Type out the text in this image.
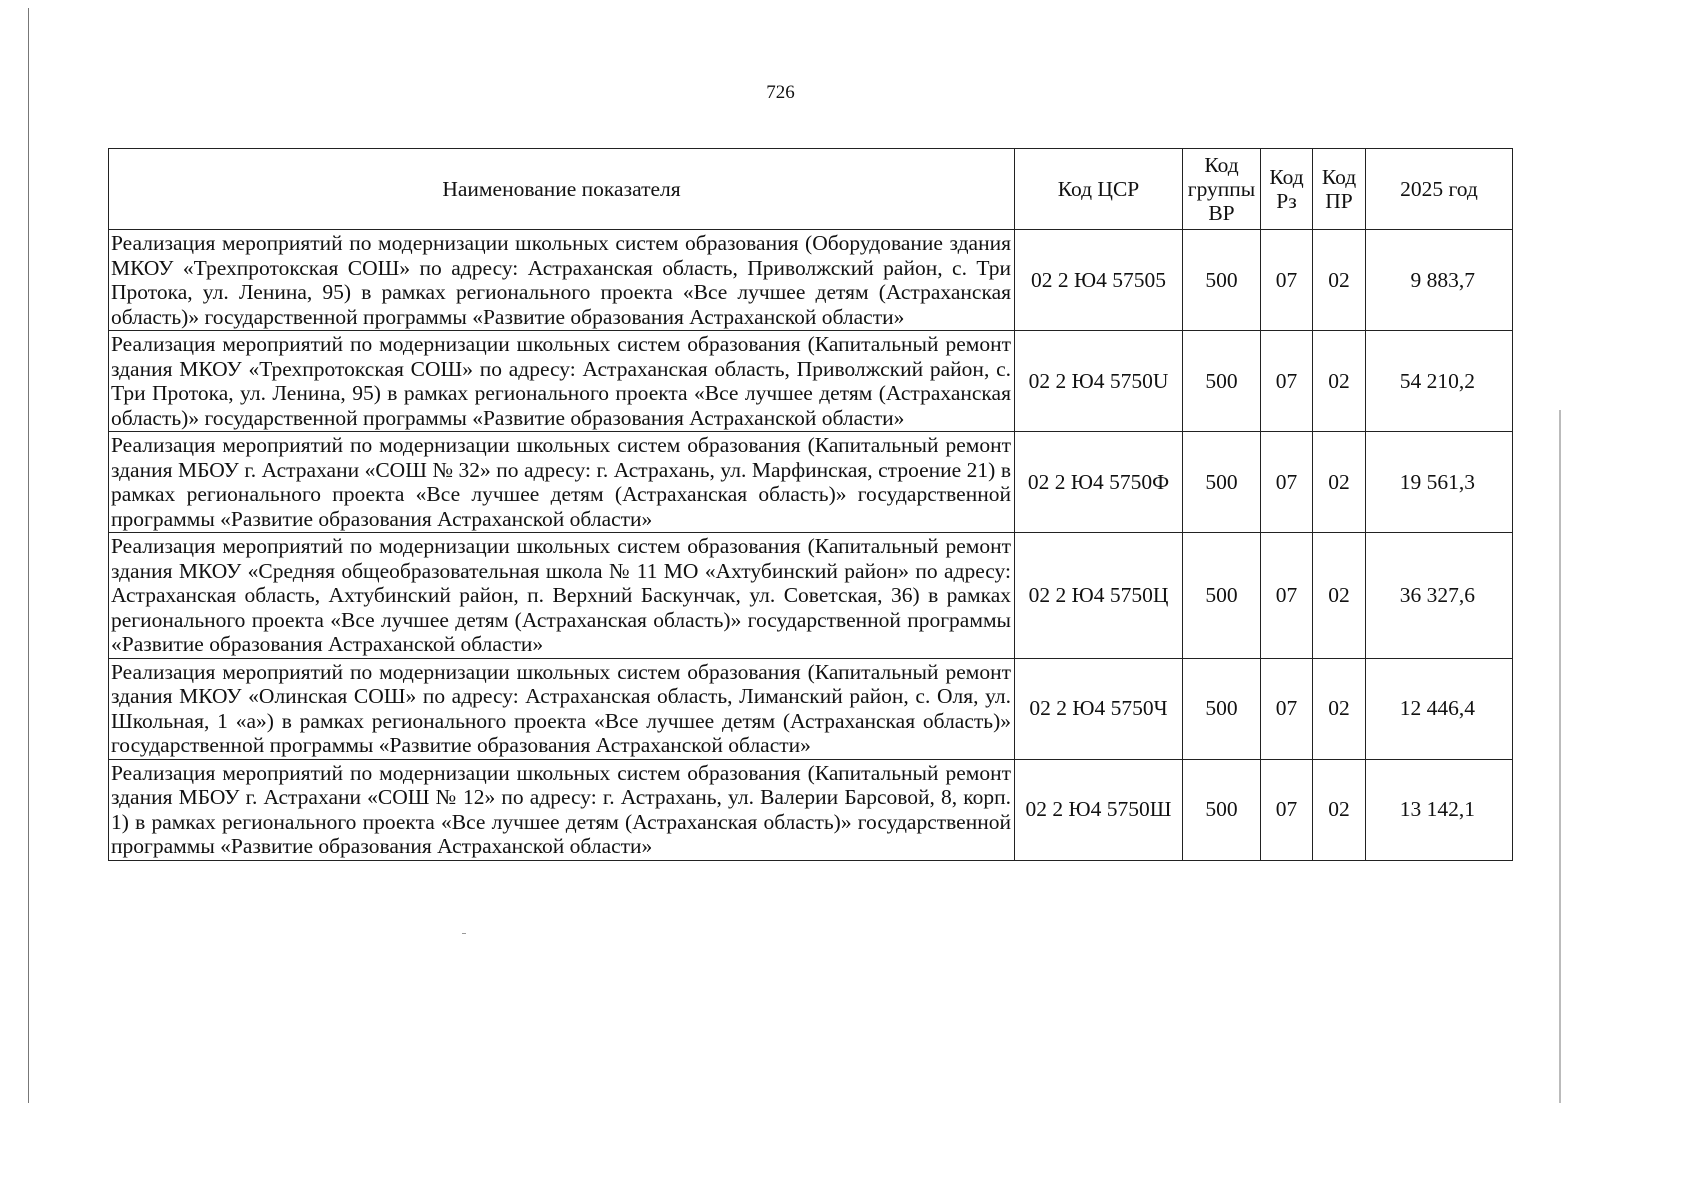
726
Наименование показателя	Код ЦСР	Код группы ВР	Код Рз	Код ПР	2025 год
Реализация мероприятий по модернизации школьных систем образования (Оборудование здания МКОУ «Трехпротокская СОШ» по адресу: Астраханская область, Приволжский район, с. Три Протока, ул. Ленина, 95) в рамках регионального проекта «Все лучшее детям (Астраханская область)» государственной программы «Развитие образования Астраханской области»	02 2 Ю4 57505	500	07	02	9 883,7
Реализация мероприятий по модернизации школьных систем образования (Капитальный ремонт здания МКОУ «Трехпротокская СОШ» по адресу: Астраханская область, Приволжский район, с. Три Протока, ул. Ленина, 95) в рамках регионального проекта «Все лучшее детям (Астраханская область)» государственной программы «Развитие образования Астраханской области»	02 2 Ю4 5750U	500	07	02	54 210,2
Реализация мероприятий по модернизации школьных систем образования (Капитальный ремонт здания МБОУ г. Астрахани «СОШ № 32» по адресу: г. Астрахань, ул. Марфинская, строение 21) в рамках регионального проекта «Все лучшее детям (Астраханская область)» государственной программы «Развитие образования Астраханской области»	02 2 Ю4 5750Ф	500	07	02	19 561,3
Реализация мероприятий по модернизации школьных систем образования (Капитальный ремонт здания МКОУ «Средняя общеобразовательная школа № 11 МО «Ахтубинский район» по адресу: Астраханская область, Ахтубинский район, п. Верхний Баскунчак, ул. Советская, 36) в рамках регионального проекта «Все лучшее детям (Астраханская область)» государственной программы «Развитие образования Астраханской области»	02 2 Ю4 5750Ц	500	07	02	36 327,6
Реализация мероприятий по модернизации школьных систем образования (Капитальный ремонт здания МКОУ «Олинская СОШ» по адресу: Астраханская область, Лиманский район, с. Оля, ул. Школьная, 1 «а») в рамках регионального проекта «Все лучшее детям (Астраханская область)» государственной программы «Развитие образования Астраханской области»	02 2 Ю4 5750Ч	500	07	02	12 446,4
Реализация мероприятий по модернизации школьных систем образования (Капитальный ремонт здания МБОУ г. Астрахани «СОШ № 12» по адресу: г. Астрахань, ул. Валерии Барсовой, 8, корп. 1) в рамках регионального проекта «Все лучшее детям (Астраханская область)» государственной программы «Развитие образования Астраханской области»	02 2 Ю4 5750Ш	500	07	02	13 142,1
